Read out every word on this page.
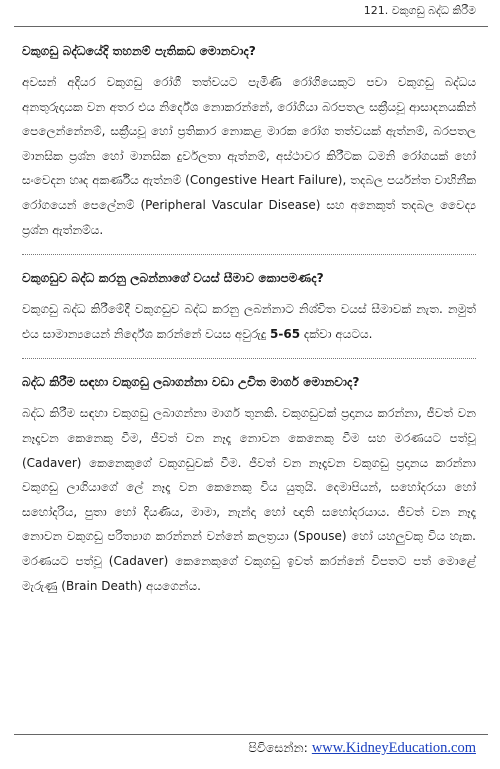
121. වකුගඩු බද්ධ කිරීම

වකුගඩු බද්ධයේදි තහනම් පැතිකඩ මොනවාද?

අවසන් අදියර වකුගඩු රෝගී තත්වයට පැමිණි රෝගියෙකුට පවා වකුගඩු බද්ධය අනතුරුදායක වන අතර එය නිර්දේශ නොකරන්නේ, රෝගියා බරපතල සක්‍රීයවූ ආසාදනයකින් පෙලෙන්නේනම්, සක්‍රීයවූ හෝ ප්‍රතිකාර නොකළ මාරක රෝග තත්වයක් ඇත්නම්, බරපතල මානසික ප්‍රශ්න හෝ මානසික දුර්වලතා ඇත්නම්, අස්ථාවර කිරීටක ධමනි රෝගයක් හෝ සංවෙදන හෘද අකර්ණිය ඇත්නම් (Congestive Heart Failure), තදබල පර්යන්ත වාහිනීක රෝගයෙන් පෙලේනම් (Peripheral Vascular Disease) සහ අනෙකුත් තදබල වෛද්‍ය ප්‍රශ්න ඇත්නම්ය.

වකුගඩුව බද්ධ කරනු ලබන්නාගේ වයස් සීමාව කොපමණද?

වකුගඩු බද්ධ කිරීමේදී වකුගඩුව බද්ධ කරනු ලබන්නාට නිශ්චිත වයස් සීමාවක් නැත. නමුත් එය සාමාන්‍යයෙන් නිර්දේශ කරන්නේ වයස අවුරුදු 5-65 දක්වා අයටය.

බද්ධ කිරීම සඳහා වකුගඩු ලබාගන්නා වඩා උචිත මාර්ග මොනවාද?

බද්ධ කිරීම සඳහා වකුගඩු ලබාගන්නා මාර්ග තුනකි. වකුගඩුවක් ප්‍රදානය කරන්නා, ජීවත් වන නෑදෑවන කෙනෙකු වීම, ජීවත් වන නෑදෑ නොවන කෙනෙකු වීම සහ මරණයට පත්වූ (Cadaver) කෙනෙකුගේ වකුගඩුවක් වීම. ජීවත් වන නෑදෑවන වකුගඩු ප්‍රදානය කරන්නා වකුගඩු ලාගියාගේ ලේ නෑදෑ වන කෙනෙකු විය යුතුයි. දෙමාපියන්, සහෝදරයා හෝ සහෝදරිය, පුතා හෝ දියණිය, මාමා, නැන්දා හෝ ඥාති සහෝදරයාය. ජීවත් වන නෑදෑ නොවන වකුගඩු පරිත්‍යාග කරන්නන් වන්නේ කලත්‍රයා (Spouse) හෝ යහලුවකු විය හැක. මරණයට පත්වූ (Cadaver) කෙනෙකුගේ වකුගඩු ඉවත් කරන්නේ විපතට පත් මොළේ මැරුණු (Brain Death) අයගෙන්ය.

පිවිසෙන්න: www.KidneyEducation.com
